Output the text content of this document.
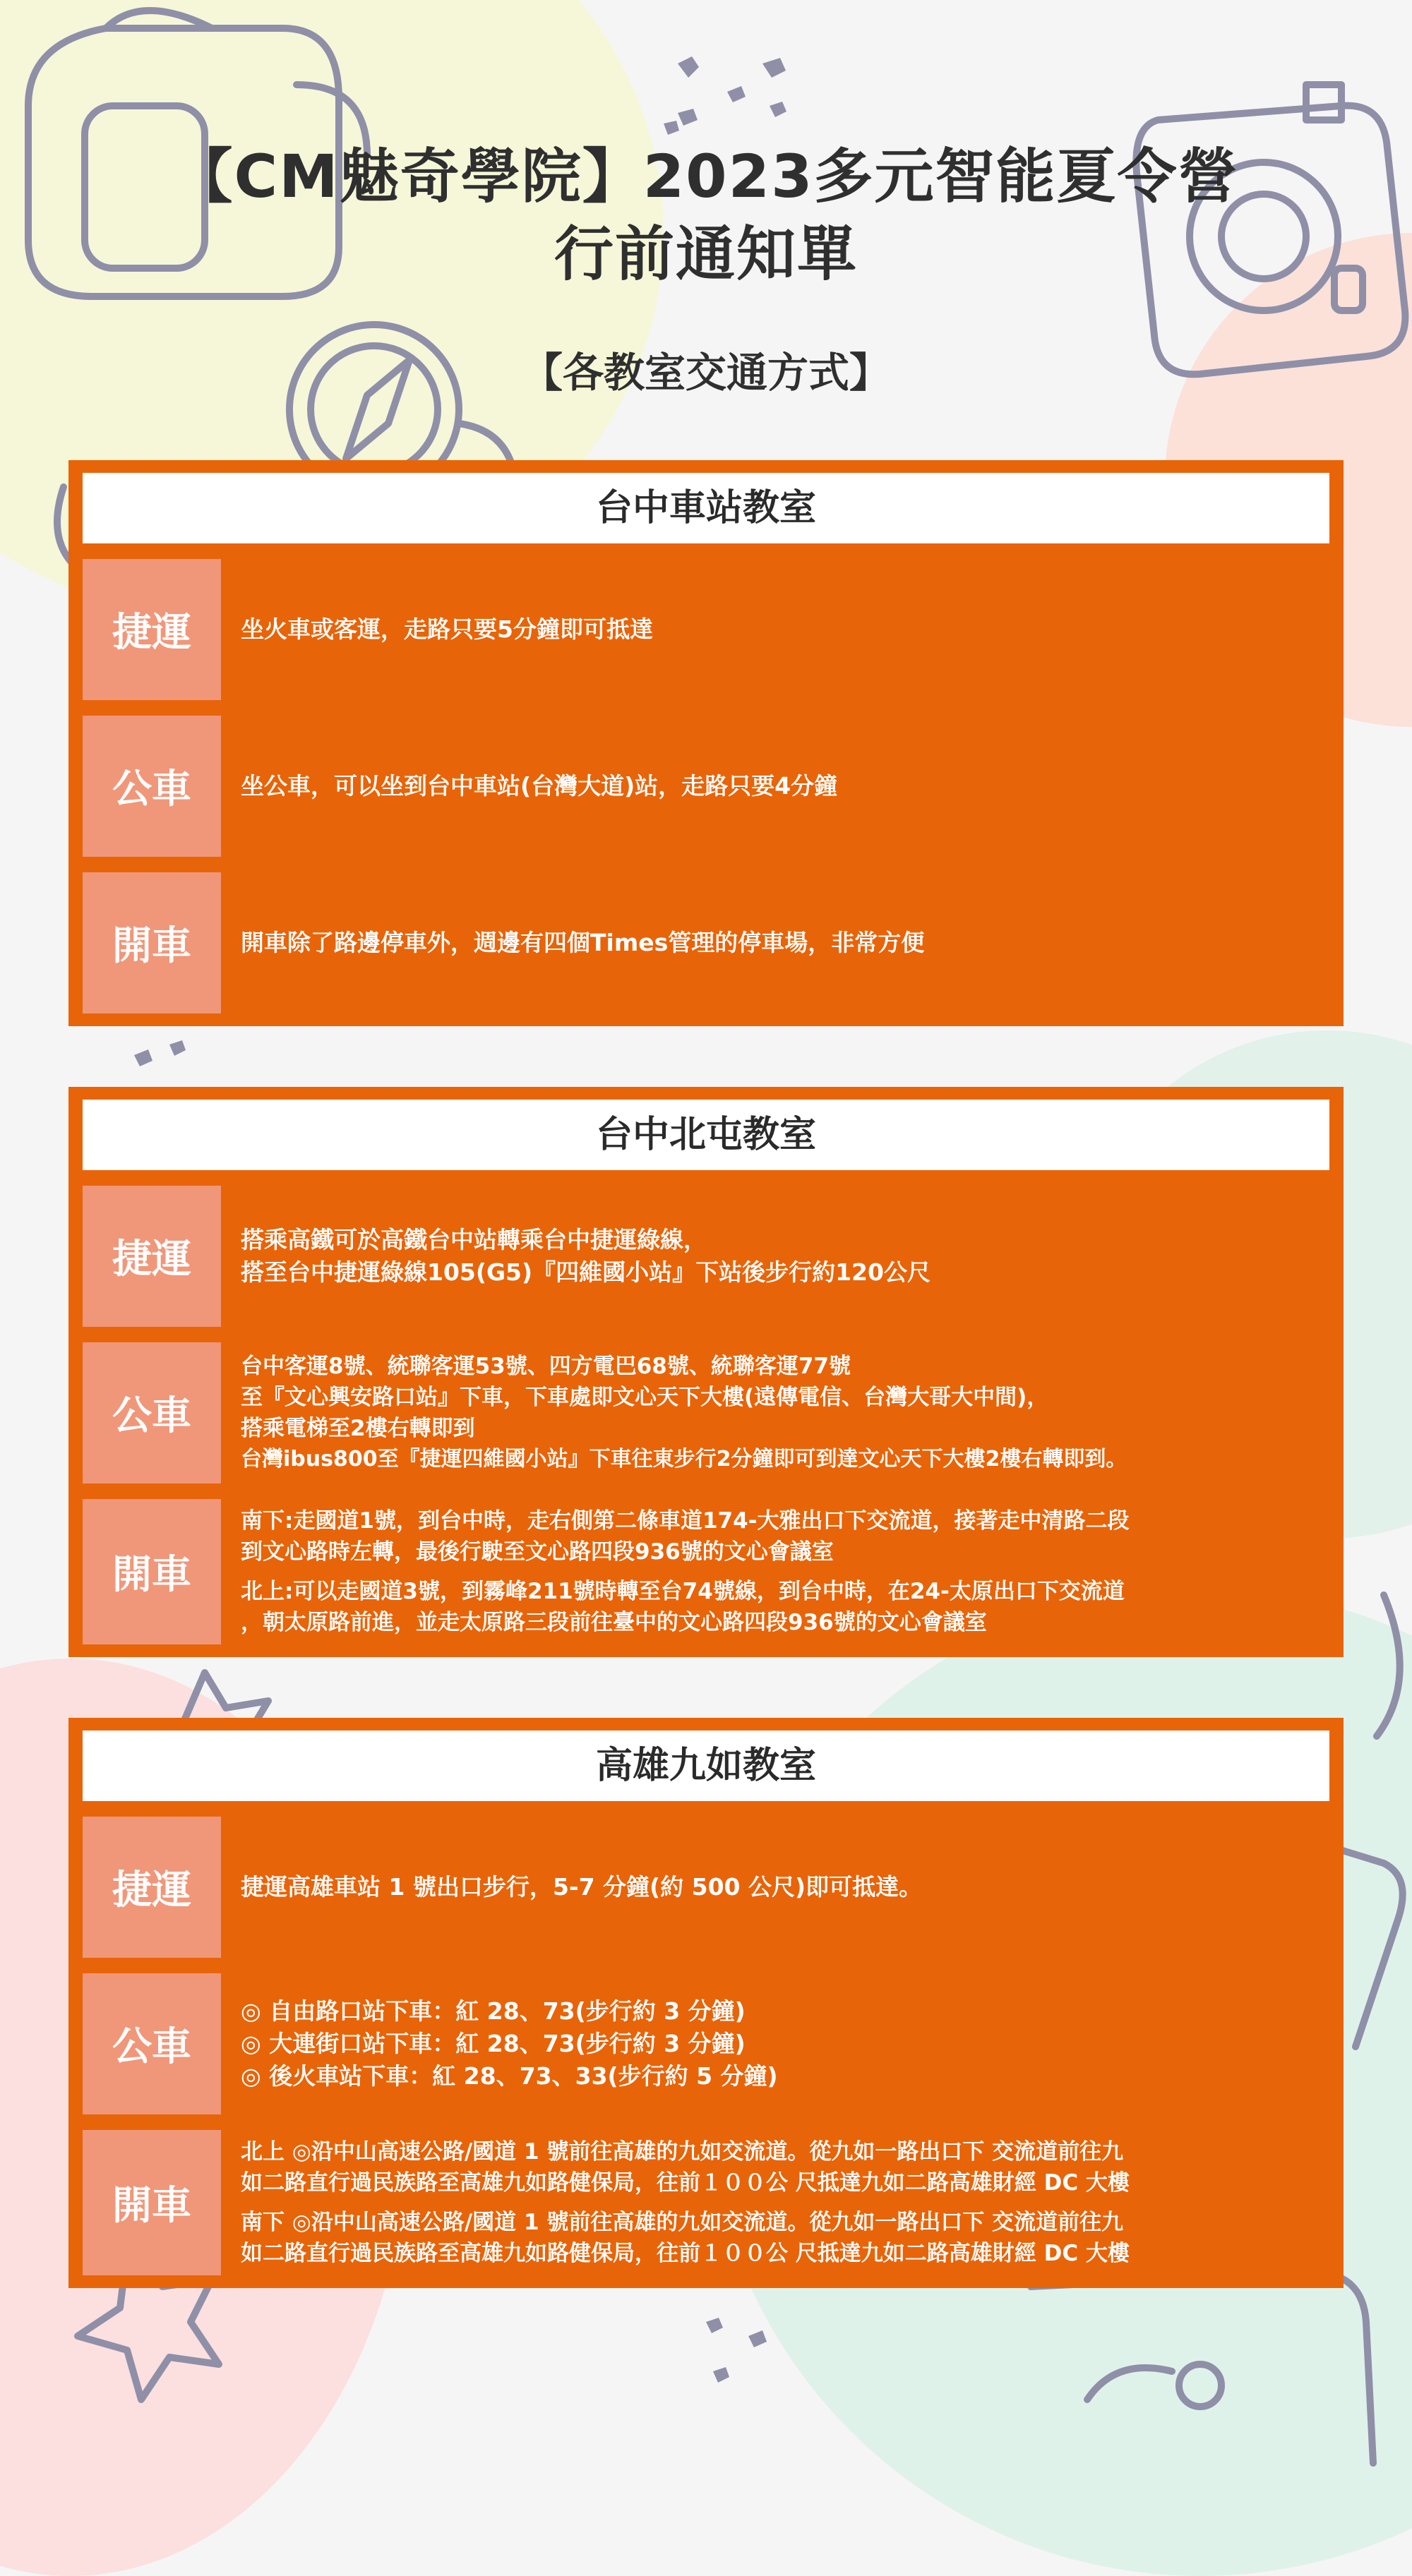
【CM魅奇學院】2023多元智能夏令營
行前通知單
【各教室交通方式】
台中車站教室
捷運	坐火車或客運，走路只要5分鐘即可抵達
公車	坐公車，可以坐到台中車站(台灣大道)站，走路只要4分鐘
開車	開車除了路邊停車外，週邊有四個Times管理的停車場，非常方便
台中北屯教室
捷運	搭乘高鐵可於高鐵台中站轉乘台中捷運綠線，
搭至台中捷運綠線105(G5)『四維國小站』下站後步行約120公尺
公車
台中客運8號、統聯客運53號、四方電巴68號、統聯客運77號
至『文心興安路口站』下車，下車處即文心天下大樓(遠傳電信、台灣大哥大中間)，
搭乘電梯至2樓右轉即到
台灣ibus800至『捷運四維國小站』下車往東步行2分鐘即可到達文心天下大樓2樓右轉即到。
開車
南下:走國道1號，到台中時，走右側第二條車道174-大雅出口下交流道，接著走中清路二段
到文心路時左轉，最後行駛至文心路四段936號的文心會議室
北上:可以走國道3號，到霧峰211號時轉至台74號線，到台中時，在24-太原出口下交流道
，朝太原路前進，並走太原路三段前往臺中的文心路四段936號的文心會議室
高雄九如教室
捷運	捷運高雄車站 1 號出口步行，5-7 分鐘(約 500 公尺)即可抵達。
公車
◎ 自由路口站下車：紅 28、73(步行約 3 分鐘)
◎ 大連街口站下車：紅 28、73(步行約 3 分鐘)
◎ 後火車站下車：紅 28、73、33(步行約 5 分鐘)
開車
北上 ◎沿中山高速公路/國道 1 號前往高雄的九如交流道。從九如一路出口下 交流道前往九
如二路直行過民族路至高雄九如路健保局，往前１００公 尺抵達九如二路高雄財經 DC 大樓
南下 ◎沿中山高速公路/國道 1 號前往高雄的九如交流道。從九如一路出口下 交流道前往九
如二路直行過民族路至高雄九如路健保局，往前１００公 尺抵達九如二路高雄財經 DC 大樓
